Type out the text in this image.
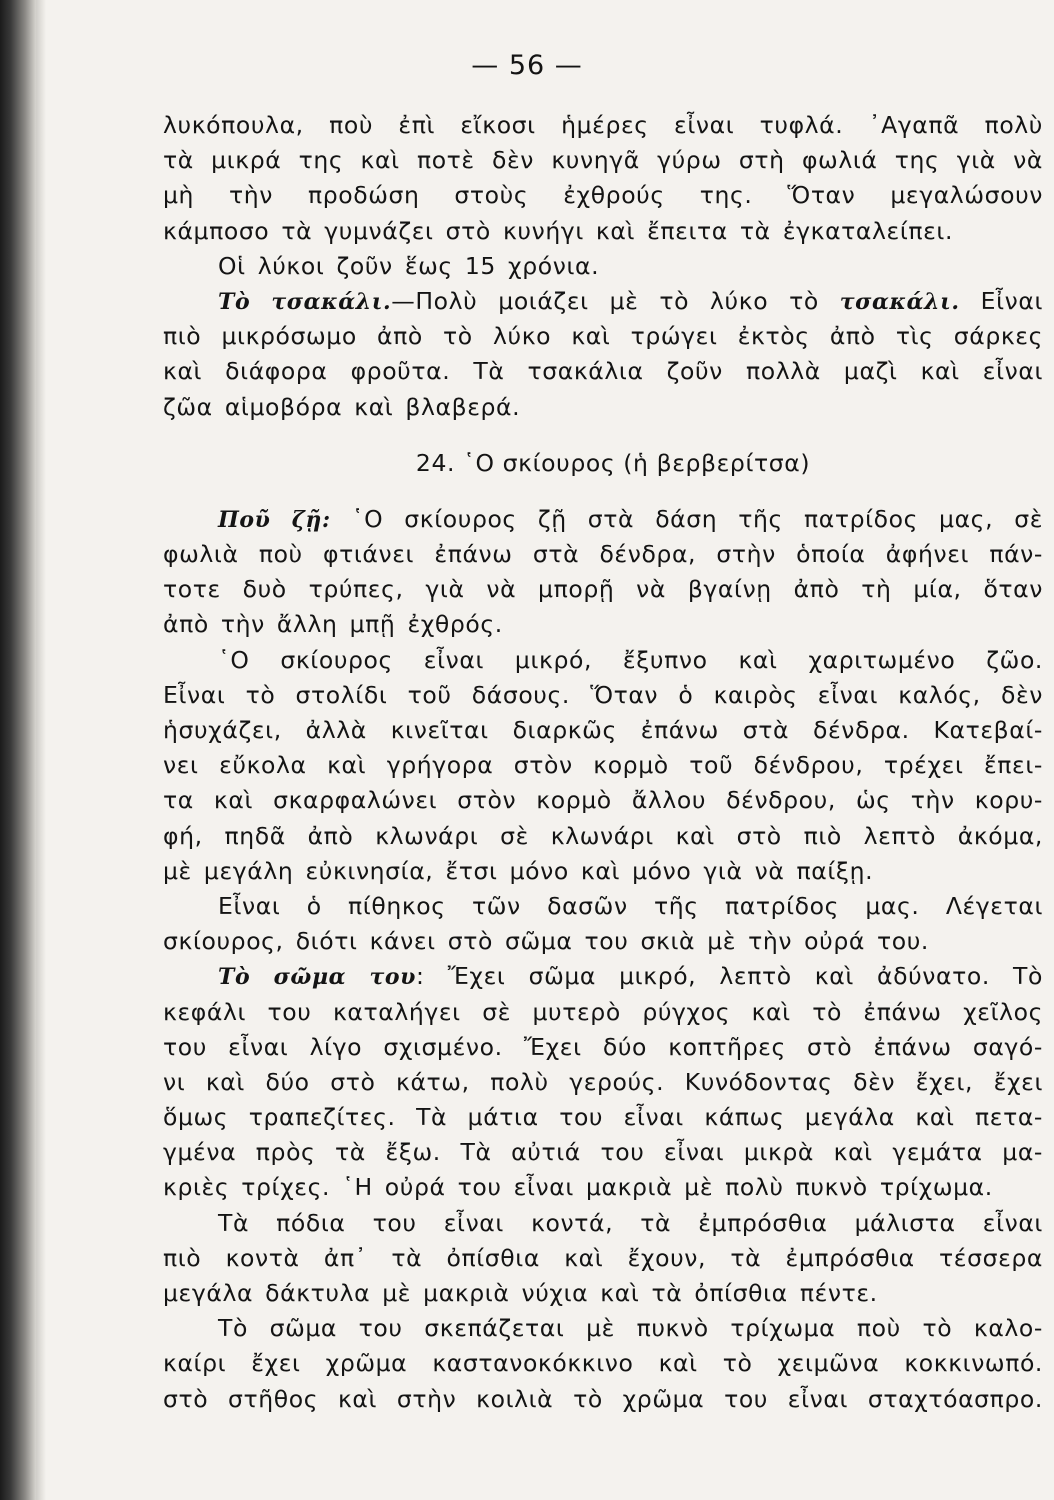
— 56 —
λυκόπουλα, ποὺ ἐπὶ εἴκοσι ἡμέρες εἶναι τυφλά. ᾿Αγαπᾶ πολὺ
τὰ μικρά της καὶ ποτὲ δὲν κυνηγᾶ γύρω στὴ φωλιά της γιὰ νὰ
μὴ τὴν προδώση στοὺς ἐχθρούς της. Ὅταν μεγαλώσουν
κάμποσο τὰ γυμνάζει στὸ κυνήγι καὶ ἔπειτα τὰ ἐγκαταλείπει.
Οἱ λύκοι ζοῦν ἕως 15 χρόνια.
Τὸ τσακάλι.—Πολὺ μοιάζει μὲ τὸ λύκο τὸ τσακάλι. Εἶναι
πιὸ μικρόσωμο ἀπὸ τὸ λύκο καὶ τρώγει ἐκτὸς ἀπὸ τὶς σάρκες
καὶ διάφορα φροῦτα. Τὰ τσακάλια ζοῦν πολλὰ μαζὶ καὶ εἶναι
ζῶα αἱμοβόρα καὶ βλαβερά.
24. ῾Ο σκίουρος (ἡ βερβερίτσα)
Ποῦ ζῇ: ῾Ο σκίουρος ζῇ στὰ δάση τῆς πατρίδος μας, σὲ
φωλιὰ ποὺ φτιάνει ἐπάνω στὰ δένδρα, στὴν ὁποία ἀφήνει πάν-
τοτε δυὸ τρύπες, γιὰ νὰ μπορῇ νὰ βγαίνῃ ἀπὸ τὴ μία, ὅταν
ἀπὸ τὴν ἄλλη μπῇ ἐχθρός.
῾Ο σκίουρος εἶναι μικρό, ἔξυπνο καὶ χαριτωμένο ζῶο.
Εἶναι τὸ στολίδι τοῦ δάσους. Ὅταν ὁ καιρὸς εἶναι καλός, δὲν
ἡσυχάζει, ἀλλὰ κινεῖται διαρκῶς ἐπάνω στὰ δένδρα. Κατεβαί-
νει εὔκολα καὶ γρήγορα στὸν κορμὸ τοῦ δένδρου, τρέχει ἔπει-
τα καὶ σκαρφαλώνει στὸν κορμὸ ἄλλου δένδρου, ὡς τὴν κορυ-
φή, πηδᾶ ἀπὸ κλωνάρι σὲ κλωνάρι καὶ στὸ πιὸ λεπτὸ ἀκόμα,
μὲ μεγάλη εὐκινησία, ἔτσι μόνο καὶ μόνο γιὰ νὰ παίξῃ.
Εἶναι ὁ πίθηκος τῶν δασῶν τῆς πατρίδος μας. Λέγεται
σκίουρος, διότι κάνει στὸ σῶμα του σκιὰ μὲ τὴν οὐρά του.
Τὸ σῶμα του: Ἔχει σῶμα μικρό, λεπτὸ καὶ ἀδύνατο. Τὸ
κεφάλι του καταλήγει σὲ μυτερὸ ρύγχος καὶ τὸ ἐπάνω χεῖλος
του εἶναι λίγο σχισμένο. Ἔχει δύο κοπτῆρες στὸ ἐπάνω σαγό-
νι καὶ δύο στὸ κάτω, πολὺ γερούς. Κυνόδοντας δὲν ἔχει, ἔχει
ὅμως τραπεζίτες. Τὰ μάτια του εἶναι κάπως μεγάλα καὶ πετα-
γμένα πρὸς τὰ ἔξω. Τὰ αὐτιά του εἶναι μικρὰ καὶ γεμάτα μα-
κριὲς τρίχες. ῾Η οὐρά του εἶναι μακριὰ μὲ πολὺ πυκνὸ τρίχωμα.
Τὰ πόδια του εἶναι κοντά, τὰ ἐμπρόσθια μάλιστα εἶναι
πιὸ κοντὰ ἀπ᾿ τὰ ὀπίσθια καὶ ἔχουν, τὰ ἐμπρόσθια τέσσερα
μεγάλα δάκτυλα μὲ μακριὰ νύχια καὶ τὰ ὀπίσθια πέντε.
Τὸ σῶμα του σκεπάζεται μὲ πυκνὸ τρίχωμα ποὺ τὸ καλο-
καίρι ἔχει χρῶμα καστανοκόκκινο καὶ τὸ χειμῶνα κοκκινωπό.
στὸ στῆθος καὶ στὴν κοιλιὰ τὸ χρῶμα του εἶναι σταχτόασπρο.
